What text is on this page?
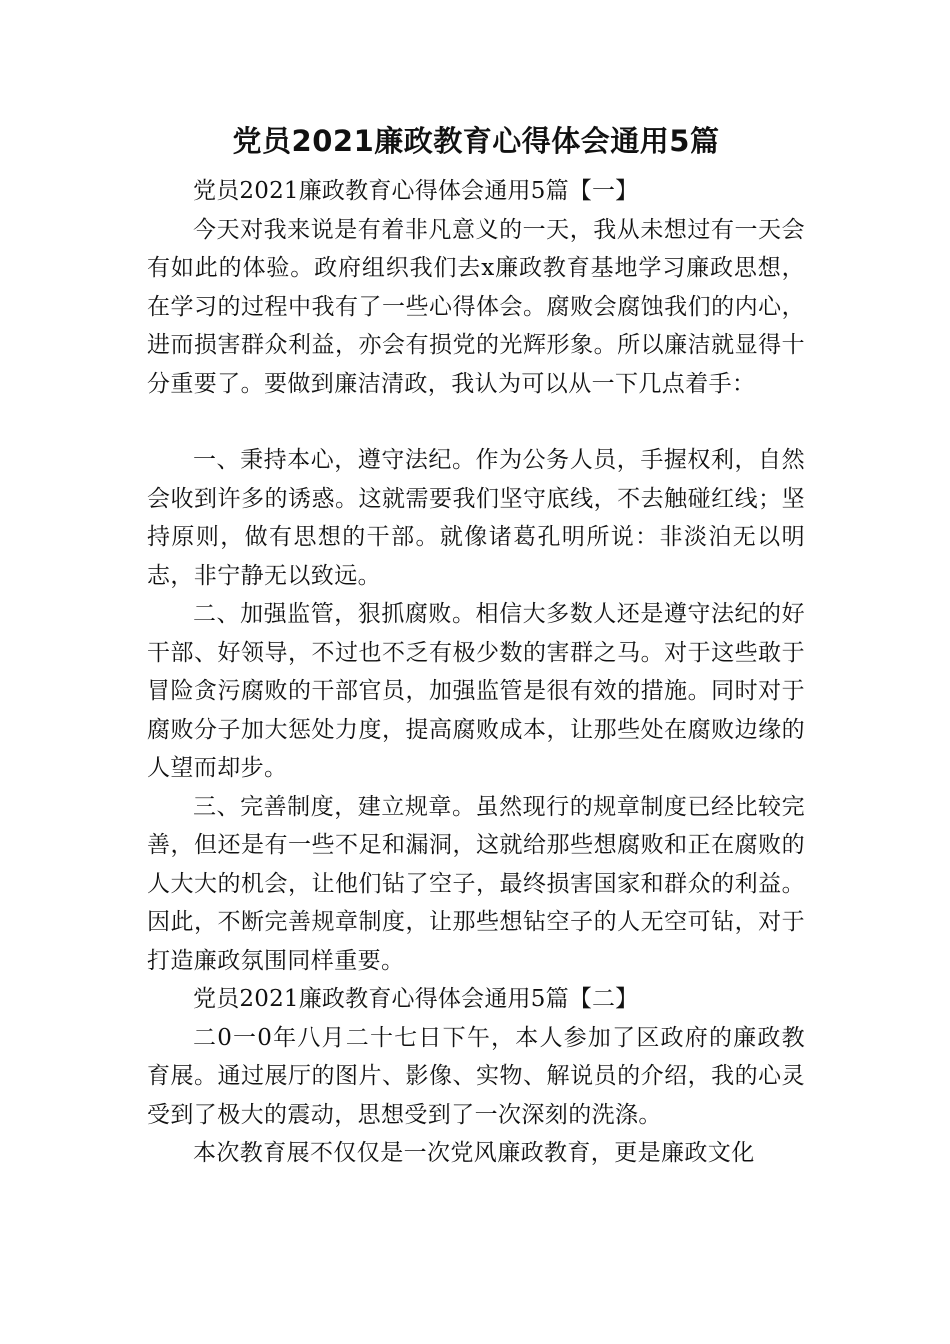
党员2021廉政教育心得体会通用5篇

党员2021廉政教育心得体会通用5篇【一】

今天对我来说是有着非凡意义的一天，我从未想过有一天会有如此的体验。政府组织我们去x廉政教育基地学习廉政思想，在学习的过程中我有了一些心得体会。腐败会腐蚀我们的内心，进而损害群众利益，亦会有损党的光辉形象。所以廉洁就显得十分重要了。要做到廉洁清政，我认为可以从一下几点着手：

一、秉持本心，遵守法纪。作为公务人员，手握权利，自然会收到许多的诱惑。这就需要我们坚守底线，不去触碰红线；坚持原则，做有思想的干部。就像诸葛孔明所说：非淡泊无以明志，非宁静无以致远。

二、加强监管，狠抓腐败。相信大多数人还是遵守法纪的好干部、好领导，不过也不乏有极少数的害群之马。对于这些敢于冒险贪污腐败的干部官员，加强监管是很有效的措施。同时对于腐败分子加大惩处力度，提高腐败成本，让那些处在腐败边缘的人望而却步。

三、完善制度，建立规章。虽然现行的规章制度已经比较完善，但还是有一些不足和漏洞，这就给那些想腐败和正在腐败的人大大的机会，让他们钻了空子，最终损害国家和群众的利益。因此，不断完善规章制度，让那些想钻空子的人无空可钻，对于打造廉政氛围同样重要。

党员2021廉政教育心得体会通用5篇【二】

二0一0年八月二十七日下午，本人参加了区政府的廉政教育展。通过展厅的图片、影像、实物、解说员的介绍，我的心灵受到了极大的震动，思想受到了一次深刻的洗涤。

本次教育展不仅仅是一次党风廉政教育，更是廉政文化
